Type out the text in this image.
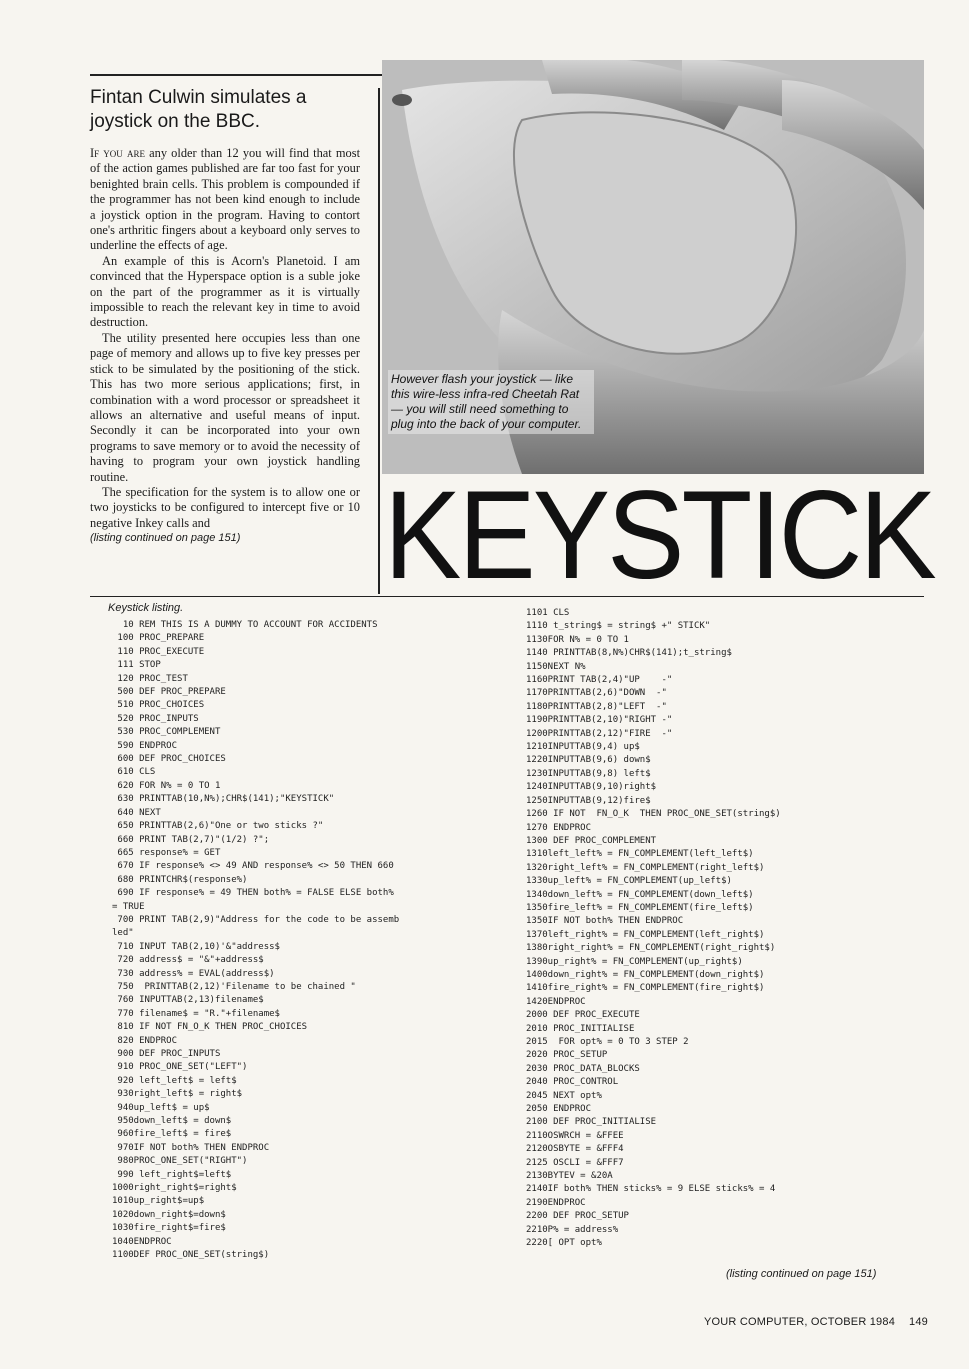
Fintan Culwin simulates a joystick on the BBC.

If you are any older than 12 you will find that most of the action games published are far too fast for your benighted brain cells. This problem is compounded if the programmer has not been kind enough to include a joystick option in the program. Having to contort one's arthritic fingers about a keyboard only serves to underline the effects of age.

An example of this is Acorn's Planetoid. I am convinced that the Hyperspace option is a suble joke on the part of the programmer as it is virtually impossible to reach the relevant key in time to avoid destruction.

The utility presented here occupies less than one page of memory and allows up to five key presses per stick to be simulated by the positioning of the stick. This has two more serious applications; first, in combination with a word processor or spreadsheet it allows an alternative and useful means of input. Secondly it can be incorporated into your own programs to save memory or to avoid the necessity of having to program your own joystick handling routine.

The specification for the system is to allow one or two joysticks to be configured to intercept five or 10 negative Inkey calls and

(listing continued on page 151)

However flash your joystick — like this wire-less infra-red Cheetah Rat — you will still need something to plug into the back of your computer.

KEYSTICK
Keystick listing.
10 REM THIS IS A DUMMY TO ACCOUNT FOR ACCIDENTS
100 PROC_PREPARE
110 PROC_EXECUTE
111 STOP
120 PROC_TEST
500 DEF PROC_PREPARE
510 PROC_CHOICES
520 PROC_INPUTS
530 PROC_COMPLEMENT
590 ENDPROC
600 DEF PROC_CHOICES
610 CLS
620 FOR N% = 0 TO 1
630 PRINTTAB(10,N%);CHR$(141);"KEYSTICK"
640 NEXT
650 PRINTTAB(2,6)"One or two sticks ?"
660 PRINT TAB(2,7)"(1/2) ?";
665 response% = GET
670 IF response% <> 49 AND response% <> 50 THEN 660
680 PRINTCHR$(response%)
690 IF response% = 49 THEN both% = FALSE ELSE both%
= TRUE
700 PRINT TAB(2,9)"Address for the code to be assemb
led"
710 INPUT TAB(2,10)'&"address$
720 address$ = "&"+address$
730 address% = EVAL(address$)
750  PRINTTAB(2,12)'Filename to be chained "
760 INPUTTAB(2,13)filename$
770 filename$ = "R."+filename$
810 IF NOT FN_O_K THEN PROC_CHOICES
820 ENDPROC
900 DEF PROC_INPUTS
910 PROC_ONE_SET("LEFT")
920 left_left$ = left$
930right_left$ = right$
940up_left$ = up$
950down_left$ = down$
960fire_left$ = fire$
970IF NOT both% THEN ENDPROC
980PROC_ONE_SET("RIGHT")
990 left_right$=left$
1000right_right$=right$
1010up_right$=up$
1020down_right$=down$
1030fire_right$=fire$
1040ENDPROC
1100DEF PROC_ONE_SET(string$)
1101 CLS
1110 t_string$ = string$ +" STICK"
1130FOR N% = 0 TO 1
1140 PRINTTAB(8,N%)CHR$(141);t_string$
1150NEXT N%
1160PRINT TAB(2,4)"UP    -"
1170PRINTTAB(2,6)"DOWN  -"
1180PRINTTAB(2,8)"LEFT  -"
1190PRINTTAB(2,10)"RIGHT -"
1200PRINTTAB(2,12)"FIRE  -"
1210INPUTTAB(9,4) up$
1220INPUTTAB(9,6) down$
1230INPUTTAB(9,8) left$
1240INPUTTAB(9,10)right$
1250INPUTTAB(9,12)fire$
1260 IF NOT  FN_O_K  THEN PROC_ONE_SET(string$)
1270 ENDPROC
1300 DEF PROC_COMPLEMENT
1310left_left% = FN_COMPLEMENT(left_left$)
1320right_left% = FN_COMPLEMENT(right_left$)
1330up_left% = FN_COMPLEMENT(up_left$)
1340down_left% = FN_COMPLEMENT(down_left$)
1350fire_left% = FN_COMPLEMENT(fire_left$)
1350IF NOT both% THEN ENDPROC
1370left_right% = FN_COMPLEMENT(left_right$)
1380right_right% = FN_COMPLEMENT(right_right$)
1390up_right% = FN_COMPLEMENT(up_right$)
1400down_right% = FN_COMPLEMENT(down_right$)
1410fire_right% = FN_COMPLEMENT(fire_right$)
1420ENDPROC
2000 DEF PROC_EXECUTE
2010 PROC_INITIALISE
2015  FOR opt% = 0 TO 3 STEP 2
2020 PROC_SETUP
2030 PROC_DATA_BLOCKS
2040 PROC_CONTROL
2045 NEXT opt%
2050 ENDPROC
2100 DEF PROC_INITIALISE
2110OSWRCH = &FFEE
2120OSBYTE = &FFF4
2125 OSCLI = &FFF7
2130BYTEV = &20A
2140IF both% THEN sticks% = 9 ELSE sticks% = 4
2190ENDPROC
2200 DEF PROC_SETUP
2210P% = address%
2220[ OPT opt%
(listing continued on page 151)
YOUR COMPUTER, OCTOBER 1984 149
